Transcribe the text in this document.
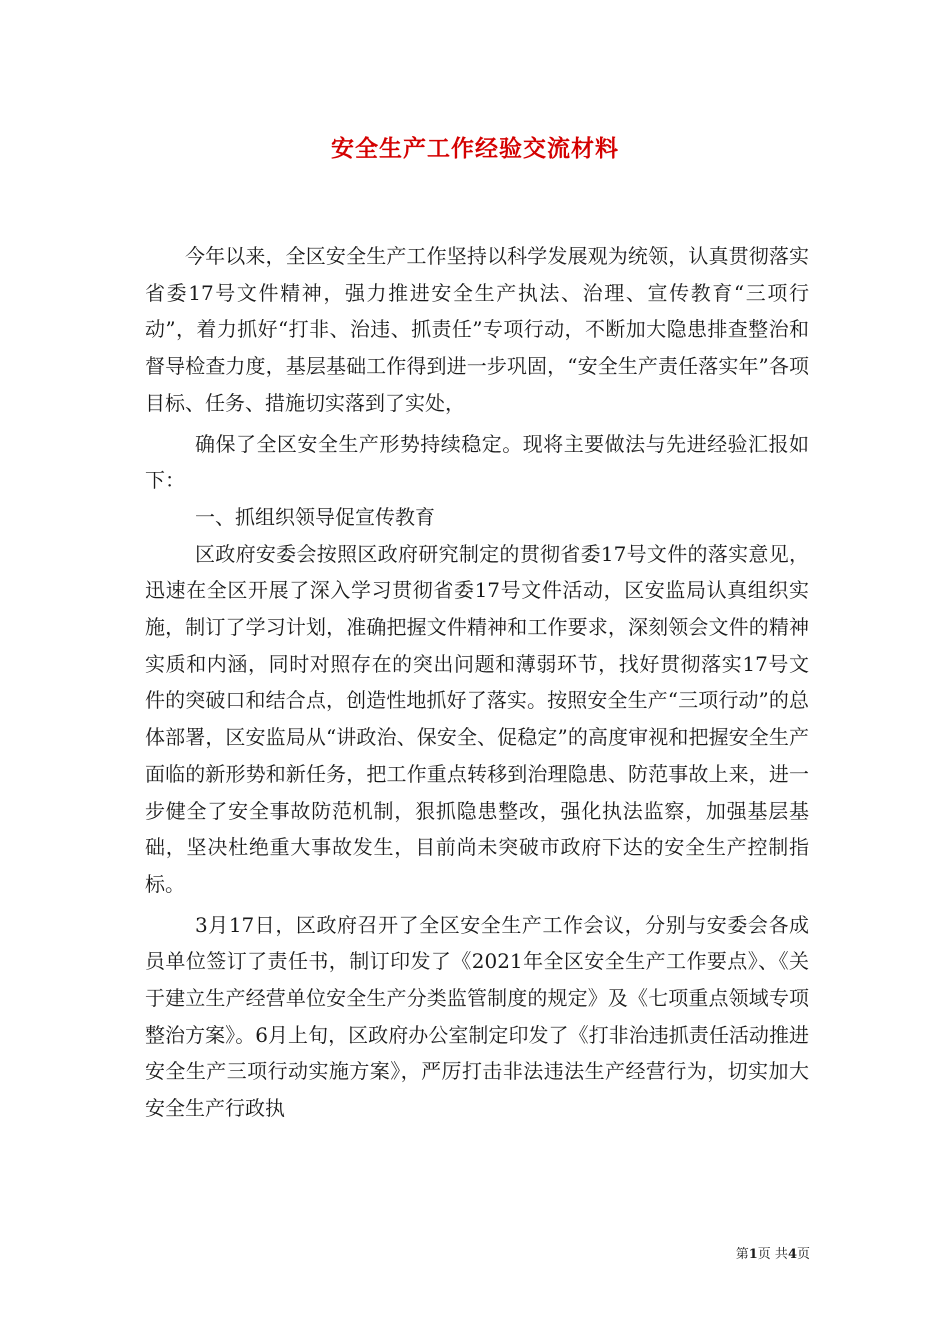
安全生产工作经验交流材料

今年以来，全区安全生产工作坚持以科学发展观为统领，认真贯彻落实省委17号文件精神，强力推进安全生产执法、治理、宣传教育“三项行动”，着力抓好“打非、治违、抓责任”专项行动，不断加大隐患排查整治和督导检查力度，基层基础工作得到进一步巩固，“安全生产责任落实年”各项目标、任务、措施切实落到了实处，

确保了全区安全生产形势持续稳定。现将主要做法与先进经验汇报如下：

一、抓组织领导促宣传教育

区政府安委会按照区政府研究制定的贯彻省委17号文件的落实意见，迅速在全区开展了深入学习贯彻省委17号文件活动，区安监局认真组织实施，制订了学习计划，准确把握文件精神和工作要求，深刻领会文件的精神实质和内涵，同时对照存在的突出问题和薄弱环节，找好贯彻落实17号文件的突破口和结合点，创造性地抓好了落实。按照安全生产“三项行动”的总体部署，区安监局从“讲政治、保安全、促稳定”的高度审视和把握安全生产面临的新形势和新任务，把工作重点转移到治理隐患、防范事故上来，进一步健全了安全事故防范机制，狠抓隐患整改，强化执法监察，加强基层基础，坚决杜绝重大事故发生，目前尚未突破市政府下达的安全生产控制指标。

3月17日，区政府召开了全区安全生产工作会议，分别与安委会各成员单位签订了责任书，制订印发了《2021年全区安全生产工作要点》、《关于建立生产经营单位安全生产分类监管制度的规定》及《七项重点领域专项整治方案》。6月上旬，区政府办公室制定印发了《打非治违抓责任活动推进安全生产三项行动实施方案》，严厉打击非法违法生产经营行为，切实加大安全生产行政执

第1页 共4页
